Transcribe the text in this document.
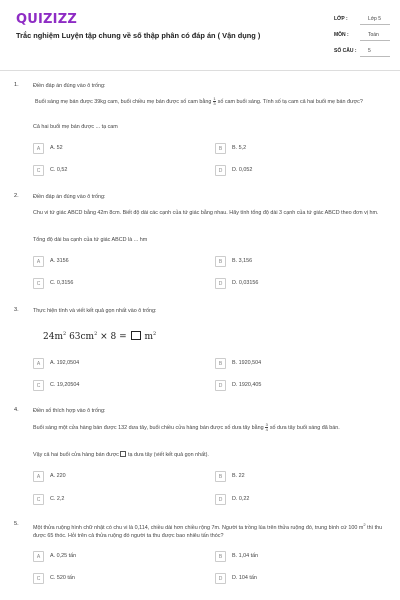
QUIZIZZ
Trắc nghiệm Luyện tập chung về số thập phân có đáp án ( Vận dụng )
LỚP :	Lớp 5
MÔN :	Toán
SỐ CÂU : 5
1.	Điền đáp án đúng vào ô trống:
Buổi sáng mẹ bán được 39kg cam, buổi chiều mẹ bán được số cam bằng $\frac{1}{3}$ số cam buổi sáng. Tính số tạ cam cả hai buổi mẹ bán được?
Cả hai buổi mẹ bán được ... tạ cam
A	A. 52	B	B. 5,2
C	C. 0,52	D	D. 0,052
2.	Điền đáp án đúng vào ô trống:
Chu vi tứ giác ABCD bằng 42m 8cm. Biết độ dài các cạnh của tứ giác bằng nhau. Hãy tính tổng độ dài 3 cạnh của tứ giác ABCD theo đơn vị hm.
Tổng độ dài ba cạnh của tứ giác ABCD là ... hm
A	A. 3156	B	B. 3,156
C	C. 0,3156	D	D. 0,03156
3.	Thực hiện tính và viết kết quả gọn nhất vào ô trống:
$24m^2$ $63cm^2 \times 8 = m^2$
A	A. 192,0504	B	B. 1920,504
C	C. 19,20504	D	D. 1920,405
4.	Điền số thích hợp vào ô trống:
Buổi sáng một cửa hàng bán được 132 dưa tây, buổi chiều cửa hàng bán được số dưa tây bằng $\frac{3}{4}$ số dưa tây buổi sáng đã bán.
Vậy cả hai buổi cửa hàng bán được tạ dưa tây (viết kết quả gọn nhất).
A	A. 220	B	B. 22
C	C. 2,2	D	D. 0,22
5.
Một thửa ruộng hình chữ nhật có chu vi là 0,114, chiều dài hơn chiều rộng 7m. Người ta trồng lúa trên thửa ruộng đó, trung bình cứ 100 $m^2$ thì thu được 65 thóc. Hỏi trên cả thửa ruộng đó người ta thu được bao nhiêu tấn thóc?
A	A. 0,25 tấn	B	B. 1,04 tấn
C	C. 520 tấn	D	D. 104 tấn
